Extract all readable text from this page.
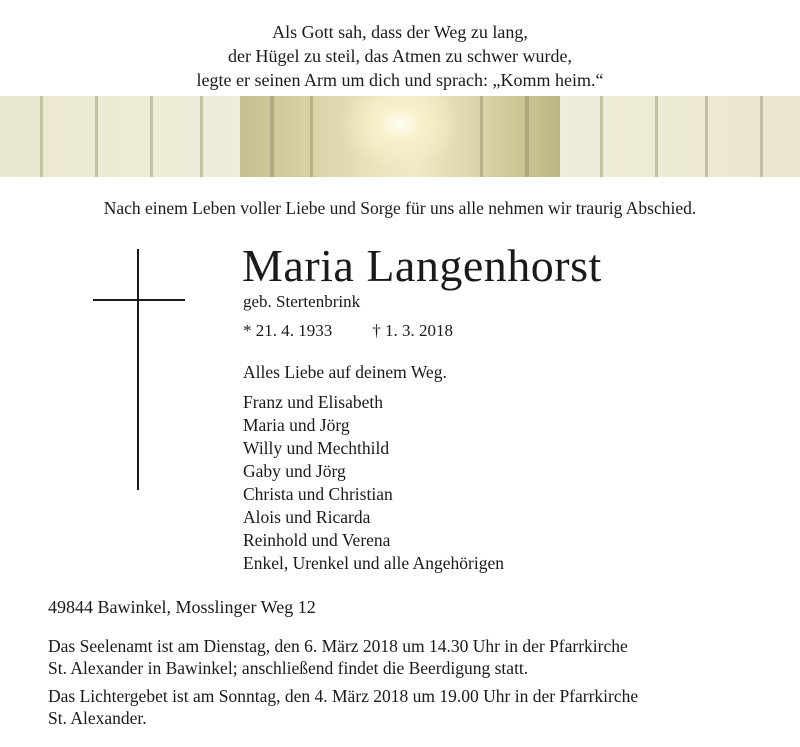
Als Gott sah, dass der Weg zu lang,
der Hügel zu steil, das Atmen zu schwer wurde,
legte er seinen Arm um dich und sprach: „Komm heim.“
Nach einem Leben voller Liebe und Sorge für uns alle nehmen wir traurig Abschied.
Maria Langenhorst
geb. Stertenbrink
* 21. 4. 1933 † 1. 3. 2018
Alles Liebe auf deinem Weg.
Franz und Elisabeth
Maria und Jörg
Willy und Mechthild
Gaby und Jörg
Christa und Christian
Alois und Ricarda
Reinhold und Verena
Enkel, Urenkel und alle Angehörigen
49844 Bawinkel, Mosslinger Weg 12
Das Seelenamt ist am Dienstag, den 6. März 2018 um 14.30 Uhr in der Pfarrkirche
St. Alexander in Bawinkel; anschließend findet die Beerdigung statt.
Das Lichtergebet ist am Sonntag, den 4. März 2018 um 19.00 Uhr in der Pfarrkirche
St. Alexander.
